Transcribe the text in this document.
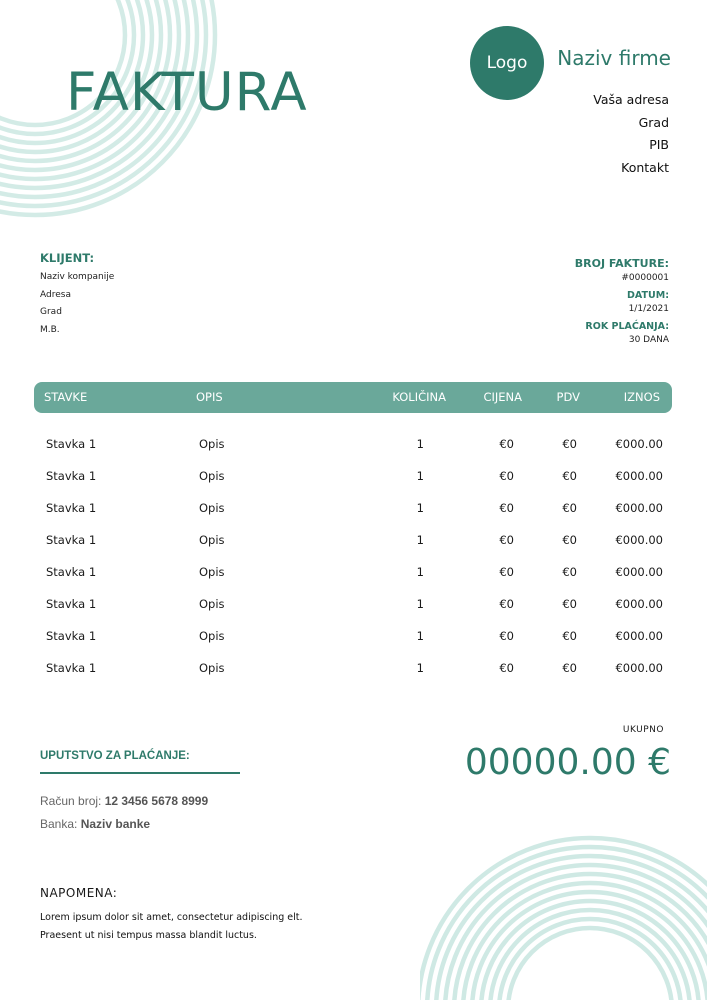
FAKTURA	Logo Naziv firme
Vaša adresa
Grad
PIB
Kontakt
KLIJENT:
Naziv kompanije
Adresa
Grad
M.B.
BROJ FAKTURE:
#0000001
DATUM:
1/1/2021
ROK PLAĆANJA:
30 DANA
STAVKE	OPIS	KOLIČINA	CIJENA	PDV	IZNOS
Stavka 1	Opis	1	€0	€0	€000.00
Stavka 1	Opis	1	€0	€0	€000.00
Stavka 1	Opis	1	€0	€0	€000.00
Stavka 1	Opis	1	€0	€0	€000.00
Stavka 1	Opis	1	€0	€0	€000.00
Stavka 1	Opis	1	€0	€0	€000.00
Stavka 1	Opis	1	€0	€0	€000.00
Stavka 1	Opis	1	€0	€0	€000.00
UKUPNO
00000.00 €
UPUTSTVO ZA PLAĆANJE:
Račun broj: 12 3456 5678 8999
Banka: Naziv banke
NAPOMENA:
Lorem ipsum dolor sit amet, consectetur adipiscing elt.
Praesent ut nisi tempus massa blandit luctus.
